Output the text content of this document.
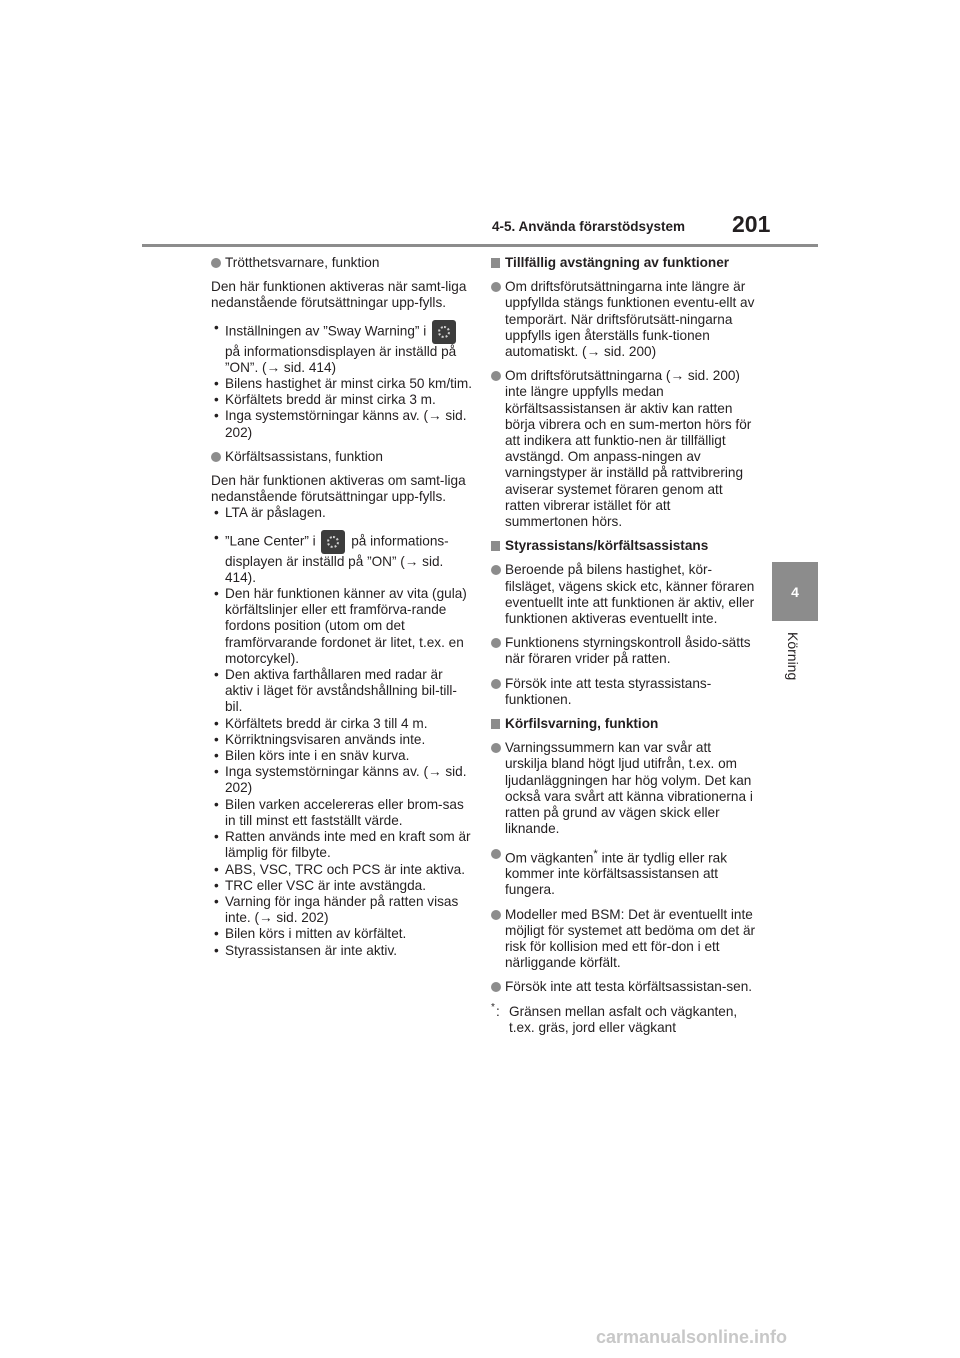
4-5. Använda förarstödsystem 201
4
Körning
Trötthetsvarnare, funktion
Den här funktionen aktiveras när samt-liga nedanstående förutsättningar upp-fylls.
• Inställningen av ”Sway Warning” i
på informationsdisplayen är inställd på ”ON”. (→ sid. 414)
• Bilens hastighet är minst cirka 50 km/tim.
• Körfältets bredd är minst cirka 3 m.
• Inga systemstörningar känns av. (→ sid. 202)
Körfältsassistans, funktion
Den här funktionen aktiveras om samt-liga nedanstående förutsättningar upp-fylls.
• LTA är påslagen.
• ”Lane Center” i	på informations-displayen är inställd på ”ON” (→ sid. 414).
• Den här funktionen känner av vita (gula) körfältslinjer eller ett framförva-rande fordons position (utom om det framförvarande fordonet är litet, t.ex. en motorcykel).
• Den aktiva farthållaren med radar är aktiv i läget för avståndshållning bil-till-bil.
• Körfältets bredd är cirka 3 till 4 m.
• Körriktningsvisaren används inte.
• Bilen körs inte i en snäv kurva.
• Inga systemstörningar känns av. (→ sid. 202)
• Bilen varken accelereras eller brom-sas in till minst ett fastställt värde.
• Ratten används inte med en kraft som är lämplig för filbyte.
• ABS, VSC, TRC och PCS är inte aktiva.
• TRC eller VSC är inte avstängda.
• Varning för inga händer på ratten visas inte. (→ sid. 202)
• Bilen körs i mitten av körfältet.
• Styrassistansen är inte aktiv.
Tillfällig avstängning av funktioner
Om driftsförutsättningarna inte längre är uppfyllda stängs funktionen eventu-ellt av temporärt. När driftsförutsätt-ningarna uppfylls igen återställs funk-tionen automatiskt. (→ sid. 200)
Om driftsförutsättningarna (→ sid. 200) inte längre uppfylls medan körfältsassistansen är aktiv kan ratten börja vibrera och en sum-merton hörs för att indikera att funktio-nen är tillfälligt avstängd. Om anpass-ningen av varningstyper är inställd på rattvibrering aviserar systemet föraren genom att ratten vibrerar istället för att summertonen hörs.
Styrassistans/körfältsassistans
Beroende på bilens hastighet, kör-filsläget, vägens skick etc, känner föraren eventuellt inte att funktionen är aktiv, eller funktionen aktiveras eventuellt inte.
Funktionens styrningskontroll åsido-sätts när föraren vrider på ratten.
Försök inte att testa styrassistans-funktionen.
Körfilsvarning, funktion
Varningssummern kan var svår att urskilja bland högt ljud utifrån, t.ex. om ljudanläggningen har hög volym. Det kan också vara svårt att känna vibrationerna i ratten på grund av vägen skick eller liknande.
Om vägkanten* inte är tydlig eller rak kommer inte körfältsassistansen att fungera.
Modeller med BSM: Det är eventuellt inte möjligt för systemet att bedöma om det är risk för kollision med ett för-don i ett närliggande körfält.
Försök inte att testa körfältsassistan-sen.
* : Gränsen mellan asfalt och vägkanten, t.ex. gräs, jord eller vägkant
carmanualsonline.info
